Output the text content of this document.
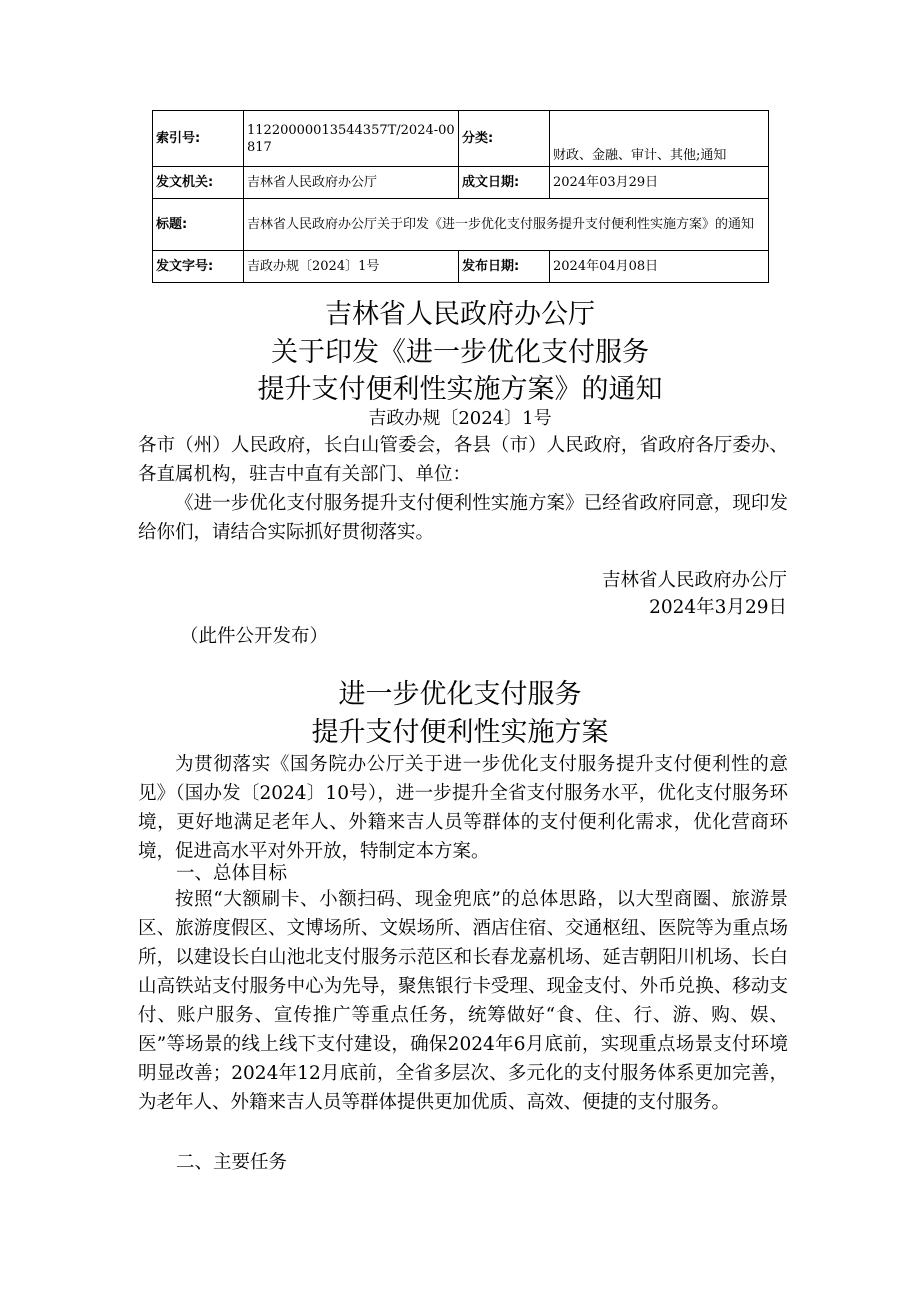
索引号:	11220000013544357T/2024-00817	分类:	财政、金融、审计、其他;通知
发文机关:	吉林省人民政府办公厅	成文日期:	2024年03月29日
标题:	吉林省人民政府办公厅关于印发《进一步优化支付服务提升支付便利性实施方案》的通知		
发文字号:	吉政办规〔2024〕1号	发布日期:	2024年04月08日
吉林省人民政府办公厅
关于印发《进一步优化支付服务
提升支付便利性实施方案》的通知
吉政办规〔2024〕1号

各市（州）人民政府，长白山管委会，各县（市）人民政府，省政府各厅委办、各直属机构，驻吉中直有关部门、单位：

《进一步优化支付服务提升支付便利性实施方案》已经省政府同意，现印发给你们，请结合实际抓好贯彻落实。

吉林省人民政府办公厅
2024年3月29日
（此件公开发布）
进一步优化支付服务
提升支付便利性实施方案

为贯彻落实《国务院办公厅关于进一步优化支付服务提升支付便利性的意见》（国办发〔2024〕10号），进一步提升全省支付服务水平，优化支付服务环境，更好地满足老年人、外籍来吉人员等群体的支付便利化需求，优化营商环境，促进高水平对外开放，特制定本方案。

一、总体目标

按照“大额刷卡、小额扫码、现金兜底”的总体思路，以大型商圈、旅游景区、旅游度假区、文博场所、文娱场所、酒店住宿、交通枢纽、医院等为重点场所，以建设长白山池北支付服务示范区和长春龙嘉机场、延吉朝阳川机场、长白山高铁站支付服务中心为先导，聚焦银行卡受理、现金支付、外币兑换、移动支付、账户服务、宣传推广等重点任务，统筹做好“食、住、行、游、购、娱、医”等场景的线上线下支付建设，确保2024年6月底前，实现重点场景支付环境明显改善；2024年12月底前，全省多层次、多元化的支付服务体系更加完善，为老年人、外籍来吉人员等群体提供更加优质、高效、便捷的支付服务。

二、主要任务
